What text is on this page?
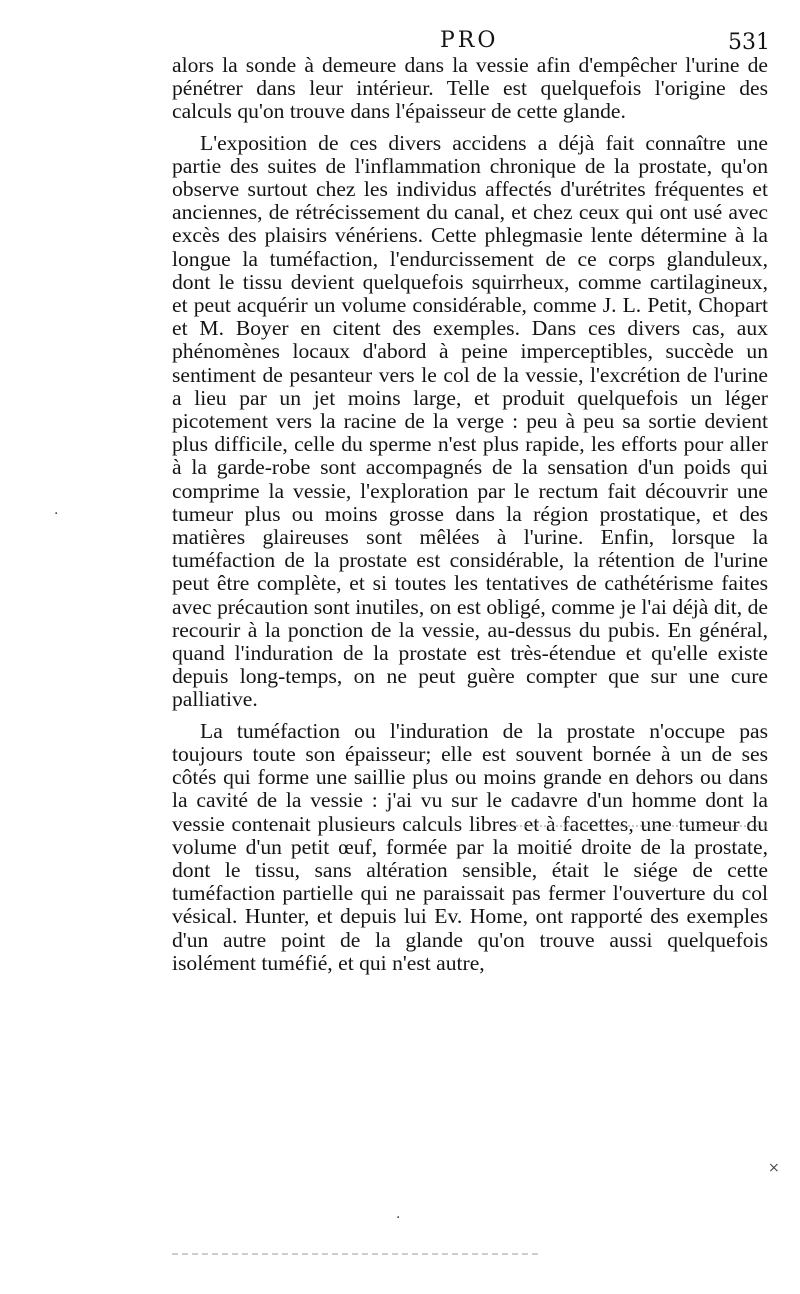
PRO	531

alors la sonde à demeure dans la vessie afin d'empêcher l'urine de pénétrer dans leur intérieur. Telle est quelquefois l'origine des calculs qu'on trouve dans l'épaisseur de cette glande.

L'exposition de ces divers accidens a déjà fait connaître une partie des suites de l'inflammation chronique de la prostate, qu'on observe surtout chez les individus affectés d'urétrites fréquentes et anciennes, de rétrécissement du canal, et chez ceux qui ont usé avec excès des plaisirs vénériens. Cette phlegmasie lente détermine à la longue la tuméfaction, l'endurcissement de ce corps glanduleux, dont le tissu devient quelquefois squirrheux, comme cartilagineux, et peut acquérir un volume considérable, comme J. L. Petit, Chopart et M. Boyer en citent des exemples. Dans ces divers cas, aux phénomènes locaux d'abord à peine imperceptibles, succède un sentiment de pesanteur vers le col de la vessie, l'excrétion de l'urine a lieu par un jet moins large, et produit quelquefois un léger picotement vers la racine de la verge : peu à peu sa sortie devient plus difficile, celle du sperme n'est plus rapide, les efforts pour aller à la garde-robe sont accompagnés de la sensation d'un poids qui comprime la vessie, l'exploration par le rectum fait découvrir une tumeur plus ou moins grosse dans la région prostatique, et des matières glaireuses sont mêlées à l'urine. Enfin, lorsque la tuméfaction de la prostate est considérable, la rétention de l'urine peut être complète, et si toutes les tentatives de cathétérisme faites avec précaution sont inutiles, on est obligé, comme je l'ai déjà dit, de recourir à la ponction de la vessie, au-dessus du pubis. En général, quand l'induration de la prostate est très-étendue et qu'elle existe depuis long-temps, on ne peut guère compter que sur une cure palliative.

La tuméfaction ou l'induration de la prostate n'occupe pas toujours toute son épaisseur; elle est souvent bornée à un de ses côtés qui forme une saillie plus ou moins grande en dehors ou dans la cavité de la vessie : j'ai vu sur le cadavre d'un homme dont la vessie contenait plusieurs calculs libres et à facettes, une tumeur du volume d'un petit œuf, formée par la moitié droite de la prostate, dont le tissu, sans altération sensible, était le siége de cette tuméfaction partielle qui ne paraissait pas fermer l'ouverture du col vésical. Hunter, et depuis lui Ev. Home, ont rapporté des exemples d'un autre point de la glande qu'on trouve aussi quelquefois isolément tuméfié, et qui n'est autre,

·
×
·
